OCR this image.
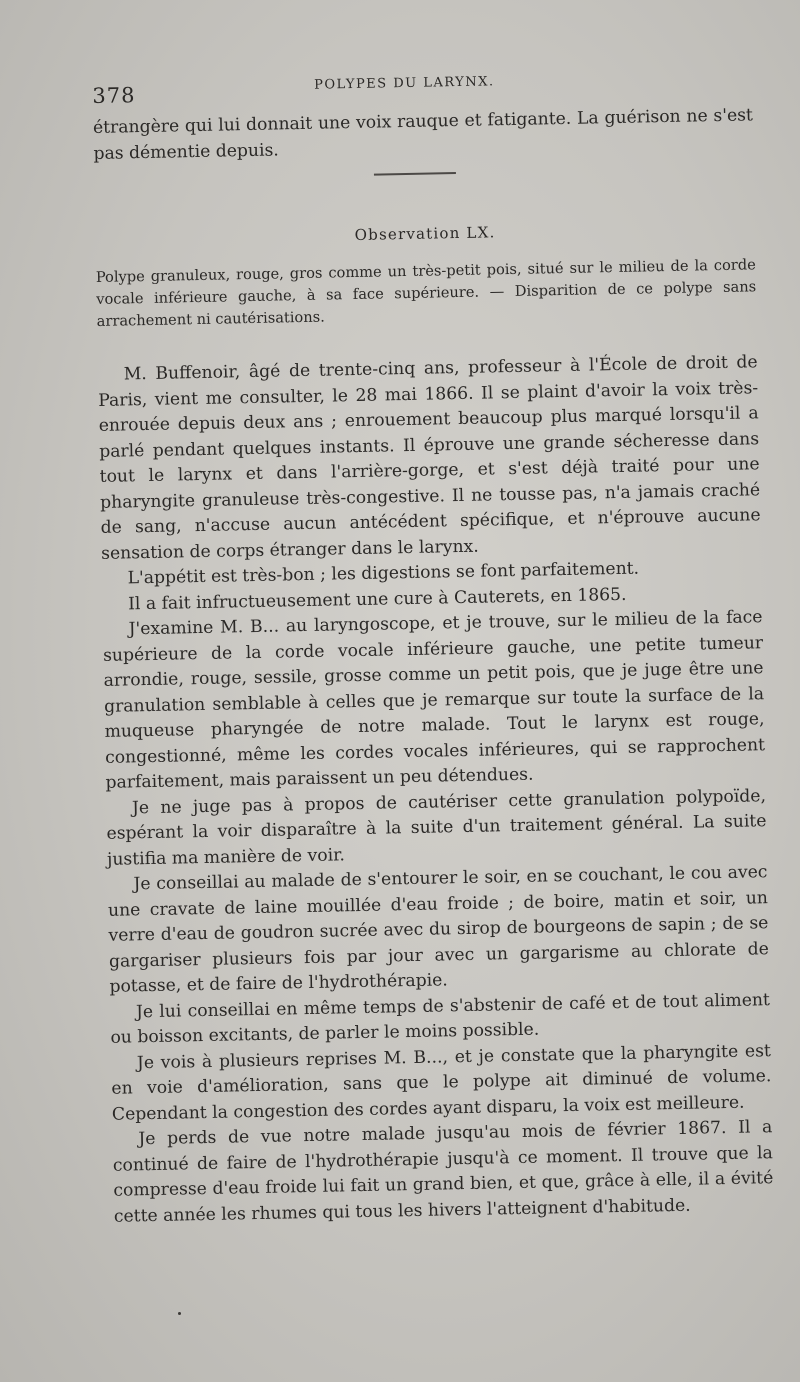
378	POLYPES DU LARYNX.

étrangère qui lui donnait une voix rauque et fatigante. La guérison ne s'est pas démentie depuis.

Observation LX.

Polype granuleux, rouge, gros comme un très-petit pois, situé sur le milieu de la corde vocale inférieure gauche, à sa face supérieure. — Disparition de ce polype sans arrachement ni cautérisations.

M. Buffenoir, âgé de trente-cinq ans, professeur à l'École de droit de Paris, vient me consulter, le 28 mai 1866. Il se plaint d'avoir la voix très-enrouée depuis deux ans ; enrouement beaucoup plus marqué lorsqu'il a parlé pendant quelques instants. Il éprouve une grande sécheresse dans tout le larynx et dans l'arrière-gorge, et s'est déjà traité pour une pharyngite granuleuse très-congestive. Il ne tousse pas, n'a jamais craché de sang, n'accuse aucun antécédent spécifique, et n'éprouve aucune sensation de corps étranger dans le larynx.

L'appétit est très-bon ; les digestions se font parfaitement.

Il a fait infructueusement une cure à Cauterets, en 1865.

J'examine M. B... au laryngoscope, et je trouve, sur le milieu de la face supérieure de la corde vocale inférieure gauche, une petite tumeur arrondie, rouge, sessile, grosse comme un petit pois, que je juge être une granulation semblable à celles que je remarque sur toute la surface de la muqueuse pharyngée de notre malade. Tout le larynx est rouge, congestionné, même les cordes vocales inférieures, qui se rapprochent parfaitement, mais paraissent un peu détendues.

Je ne juge pas à propos de cautériser cette granulation polypoïde, espérant la voir disparaître à la suite d'un traitement général. La suite justifia ma manière de voir.

Je conseillai au malade de s'entourer le soir, en se couchant, le cou avec une cravate de laine mouillée d'eau froide ; de boire, matin et soir, un verre d'eau de goudron sucrée avec du sirop de bourgeons de sapin ; de se gargariser plusieurs fois par jour avec un gargarisme au chlorate de potasse, et de faire de l'hydrothérapie.

Je lui conseillai en même temps de s'abstenir de café et de tout aliment ou boisson excitants, de parler le moins possible.

Je vois à plusieurs reprises M. B..., et je constate que la pharyngite est en voie d'amélioration, sans que le polype ait diminué de volume. Cependant la congestion des cordes ayant disparu, la voix est meilleure.

Je perds de vue notre malade jusqu'au mois de février 1867. Il a continué de faire de l'hydrothérapie jusqu'à ce moment. Il trouve que la compresse d'eau froide lui fait un grand bien, et que, grâce à elle, il a évité cette année les rhumes qui tous les hivers l'atteignent d'habitude.
